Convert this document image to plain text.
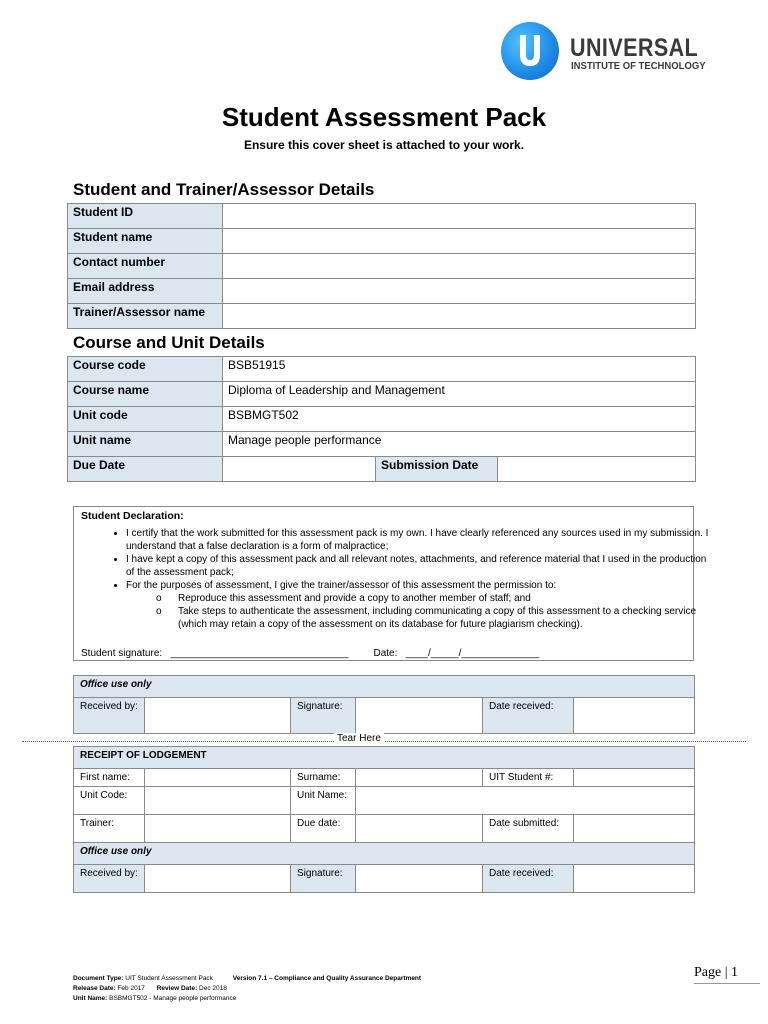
UNIVERSAL
INSTITUTE OF TECHNOLOGY
Student Assessment Pack
Ensure this cover sheet is attached to your work.
Student and Trainer/Assessor Details
Student ID	
Student name	
Contact number	
Email address	
Trainer/Assessor name	
Course and Unit Details
Course code	BSB51915		
Course name	Diploma of Leadership and Management		
Unit code	BSBMGT502		
Unit name	Manage people performance		
Due Date		Submission Date	
Student Declaration:
• I certify that the work submitted for this assessment pack is my own. I have clearly referenced any sources used in my submission. I understand that a false declaration is a form of malpractice;
• I have kept a copy of this assessment pack and all relevant notes, attachments, and reference material that I used in the production of the assessment pack;
• For the purposes of assessment, I give the trainer/assessor of this assessment the permission to:
o Reproduce this assessment and provide a copy to another member of staff; and
o Take steps to authenticate the assessment, including communicating a copy of this assessment to a checking service (which may retain a copy of the assessment on its database for future plagiarism checking).
Student signature: ________________________________	Date: ____/_____/______________
Office use only
Received by:		Signature:		Date received:	
Tear Here
RECEIPT OF LODGEMENT					
First name:		Surname:		UIT Student #:	
Unit Code:		Unit Name:			
Trainer:		Due date:		Date submitted:	
Office use only					
Received by:		Signature:		Date received:	
Document Type: UIT Student Assessment Pack	Version 7.1 – Compliance and Quality Assurance Department
Release Date: Feb 2017 Review Date: Dec 2018
Unit Name: BSBMGT502 - Manage people performance
Page | 1
